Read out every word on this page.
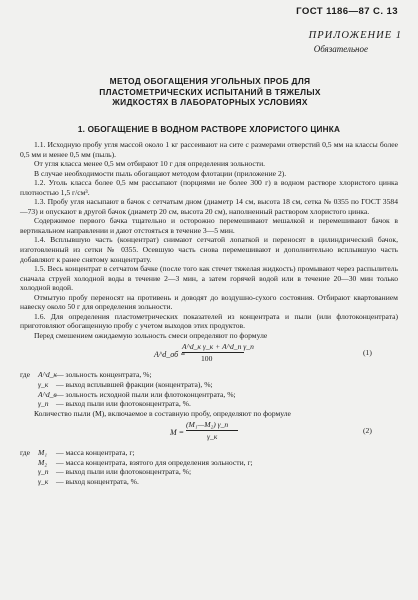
ГОСТ 1186—87 С. 13
ПРИЛОЖЕНИЕ 1
Обязательное
МЕТОД ОБОГАЩЕНИЯ УГОЛЬНЫХ ПРОБ ДЛЯ
ПЛАСТОМЕТРИЧЕСКИХ ИСПЫТАНИЙ В ТЯЖЕЛЫХ
ЖИДКОСТЯХ В ЛАБОРАТОРНЫХ УСЛОВИЯХ
1. ОБОГАЩЕНИЕ В ВОДНОМ РАСТВОРЕ ХЛОРИСТОГО ЦИНКА

1.1. Исходную пробу угля массой около 1 кг рассеивают на сите с размерами отверстий 0,5 мм на классы более 0,5 мм и менее 0,5 мм (пыль).

От угля класса менее 0,5 мм отбирают 10 г для определения зольности.

В случае необходимости пыль обогащают методом флотации (приложение 2).

1.2. Уголь класса более 0,5 мм рассыпают (порциями не более 300 г) в водном растворе хлористого цинка плотностью 1,5 г/см³.

1.3. Пробу угля насыпают в бачок с сетчатым дном (диаметр 14 см, высота 18 см, сетка № 0355 по ГОСТ 3584—73) и опускают в другой бачок (диаметр 20 см, высота 20 см), наполненный раствором хлористого цинка.

Содержимое первого бачка тщательно и осторожно перемешивают мешалкой и перемешивают бачок в вертикальном направлении и дают отстояться в течение 3—5 мин.

1.4. Всплывшую часть (концентрат) снимают сетчатой лопаткой и переносят в цилиндрический бачок, изготовленный из сетки № 0355. Осевшую часть снова перемешивают и дополнительно всплывшую часть добавляют к ранее снятому концентрату.

1.5. Весь концентрат в сетчатом бачке (после того как стечет тяжелая жидкость) промывают через распылитель сначала струей холодной воды в течение 2—3 мин, а затем горячей водой или в течение 20—30 мин только холодной водой.

Отмытую пробу переносят на противень и доводят до воздушно-сухого состояния. Отбирают квартованием навеску около 50 г для определения зольности.

1.6. Для определения пластометрических показателей из концентрата и пыли (или флотоконцентрата) приготовляют обогащенную пробу с учетом выходов этих продуктов.

Перед смешением ожидаемую зольность смеси определяют по формуле

A^d_об =
A^d_к γ_к + A^d_п γ_п
100
(1)
где A^d_к — зольность концентрата, %;
γ_к — выход всплывшей фракции (концентрата), %;
A^d_в — зольность исходной пыли или флотоконцентрата, %;
γ_п — выход пыли или флотоконцентрата, %.

Количество пыли (M), включаемое в составную пробу, определяют по формуле

M =
(M₁—M₂) γ_п
γ_к
(2)
где M₁ — масса концентрата, г;
M₂ — масса концентрата, взятого для определения зольности, г;
γ_п — выход пыли или флотоконцентрата, %;
γ_к — выход концентрата, %.
